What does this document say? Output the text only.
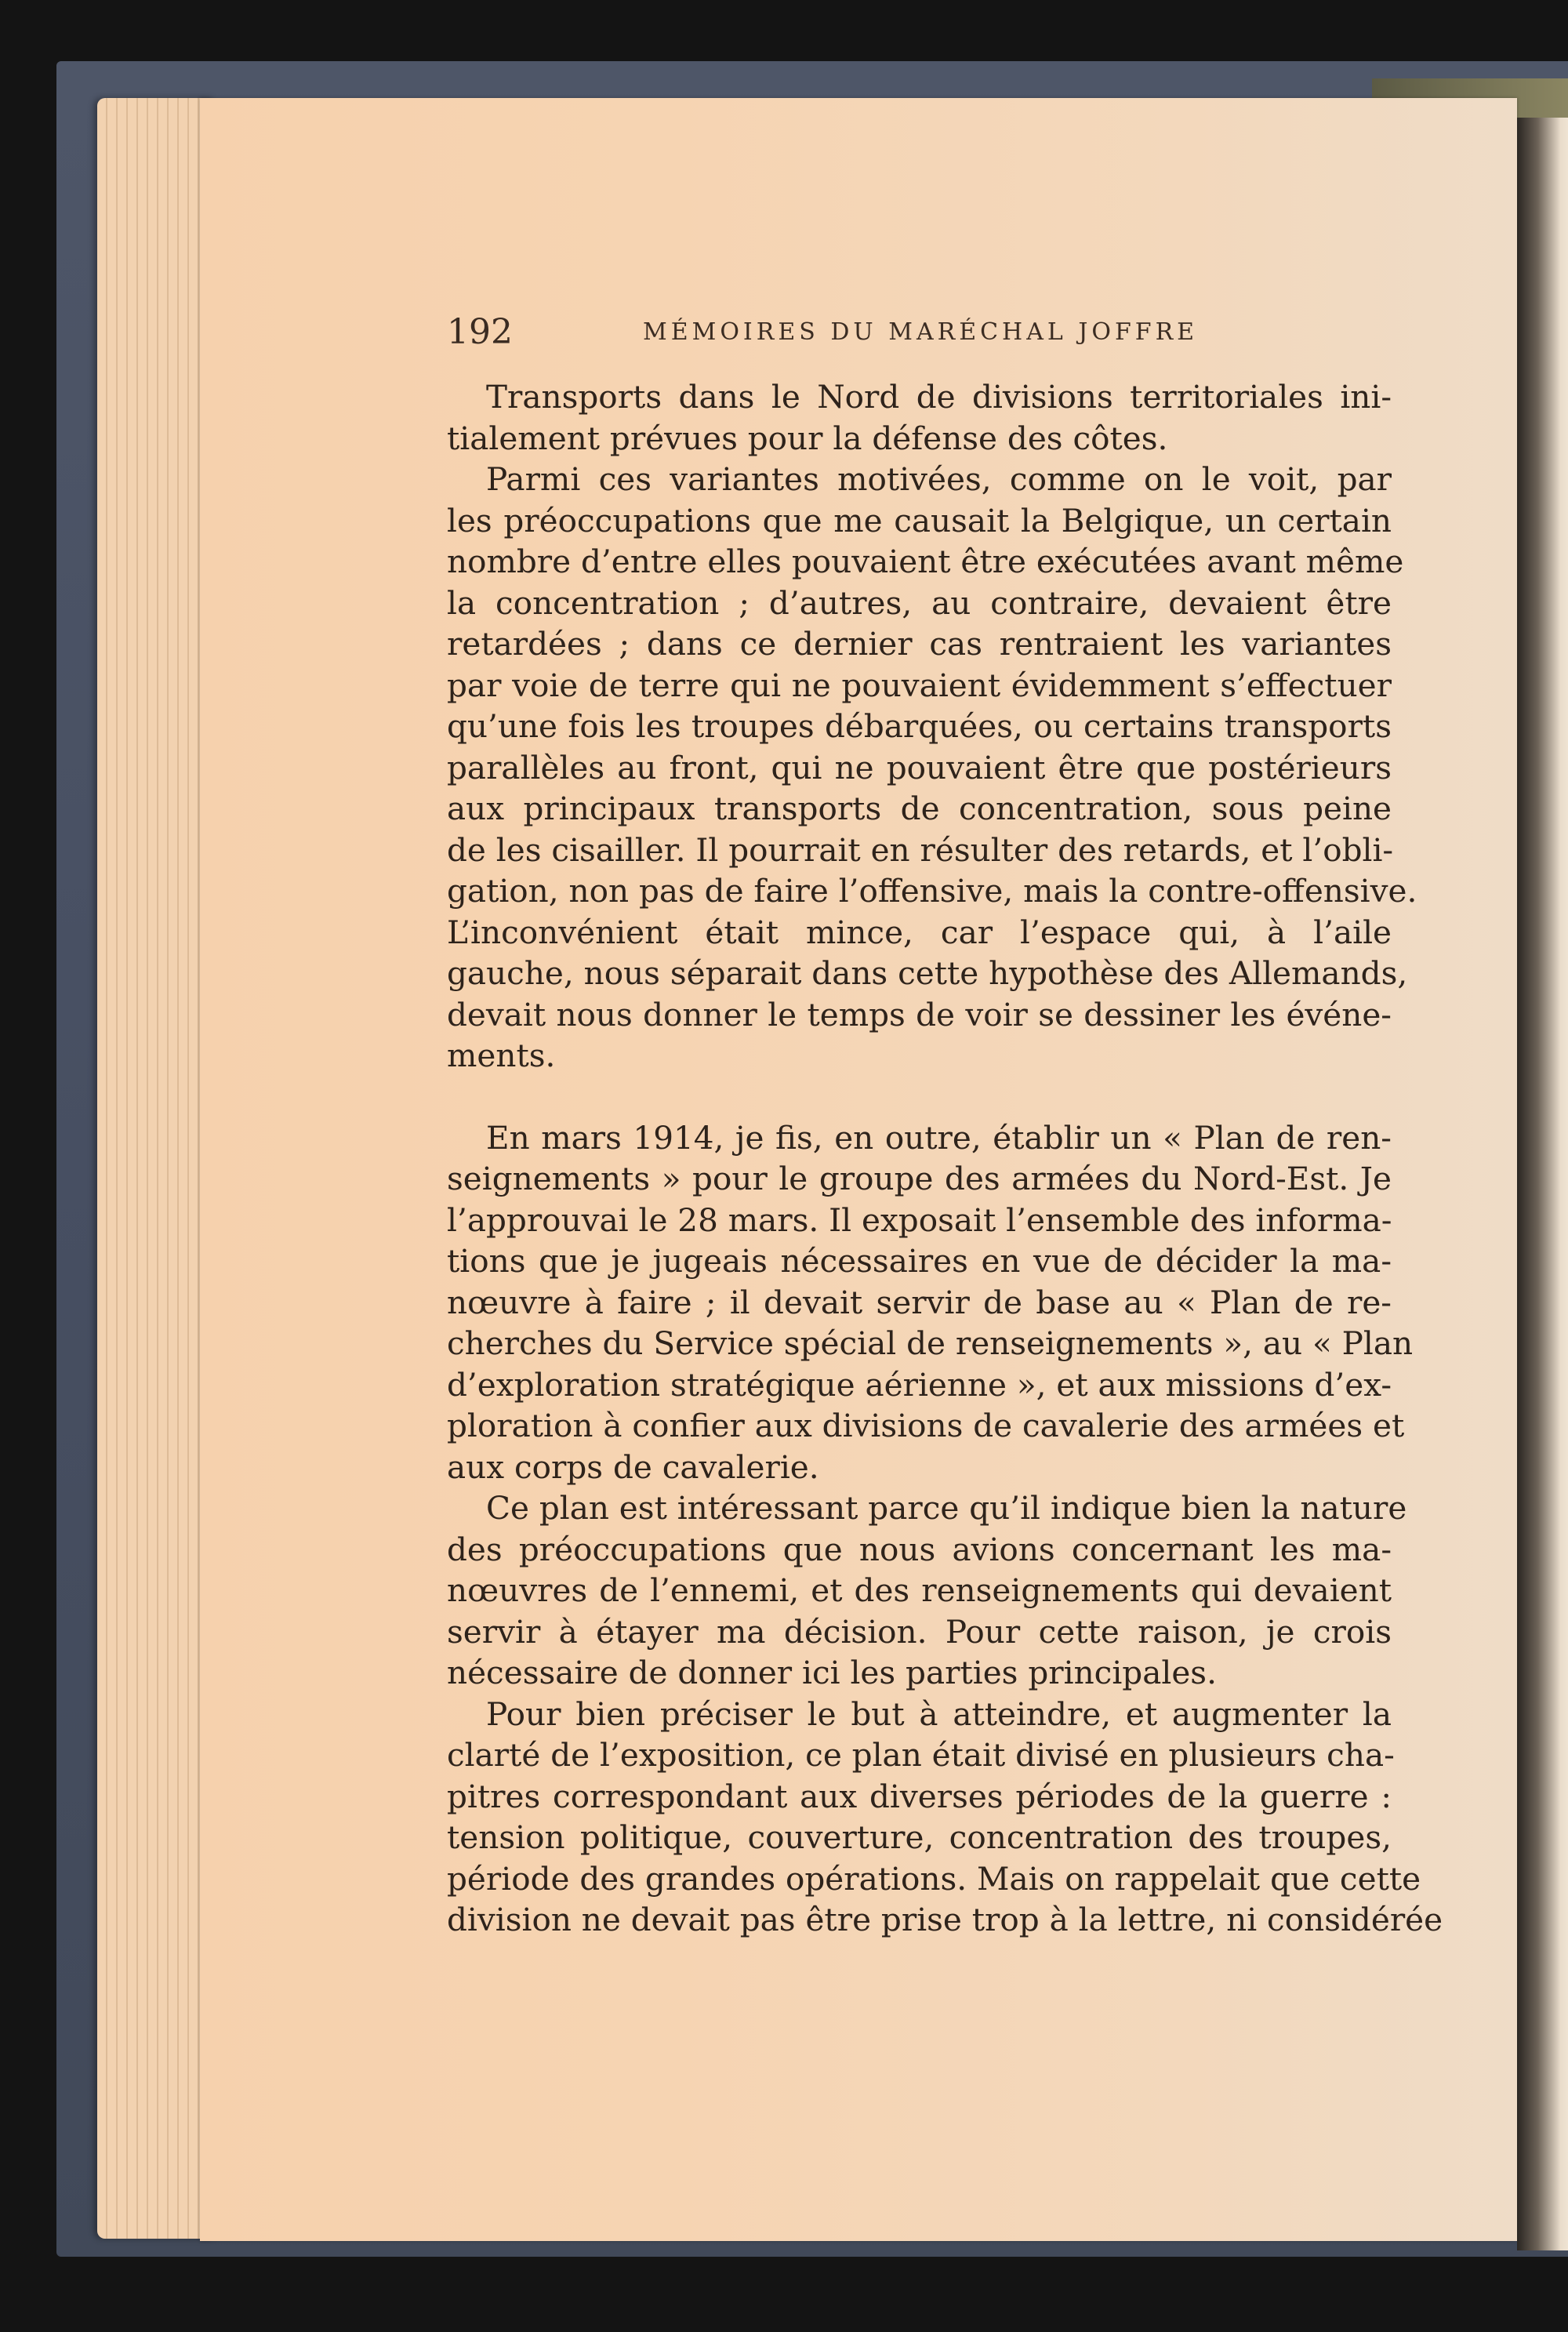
192	MÉMOIRES DU MARÉCHAL JOFFRE
Transports dans le Nord de divisions territoriales ini-
tialement prévues pour la défense des côtes.
Parmi ces variantes motivées, comme on le voit, par
les préoccupations que me causait la Belgique, un certain
nombre d’entre elles pouvaient être exécutées avant même
la concentration ; d’autres, au contraire, devaient être
retardées ; dans ce dernier cas rentraient les variantes
par voie de terre qui ne pouvaient évidemment s’effectuer
qu’une fois les troupes débarquées, ou certains transports
parallèles au front, qui ne pouvaient être que postérieurs
aux principaux transports de concentration, sous peine
de les cisailler. Il pourrait en résulter des retards, et l’obli-
gation, non pas de faire l’offensive, mais la contre-offensive.
L’inconvénient était mince, car l’espace qui, à l’aile
gauche, nous séparait dans cette hypothèse des Allemands,
devait nous donner le temps de voir se dessiner les événe-
ments.
En mars 1914, je fis, en outre, établir un « Plan de ren-
seignements » pour le groupe des armées du Nord-Est. Je
l’approuvai le 28 mars. Il exposait l’ensemble des informa-
tions que je jugeais nécessaires en vue de décider la ma-
nœuvre à faire ; il devait servir de base au « Plan de re-
cherches du Service spécial de renseignements », au « Plan
d’exploration stratégique aérienne », et aux missions d’ex-
ploration à confier aux divisions de cavalerie des armées et
aux corps de cavalerie.
Ce plan est intéressant parce qu’il indique bien la nature
des préoccupations que nous avions concernant les ma-
nœuvres de l’ennemi, et des renseignements qui devaient
servir à étayer ma décision. Pour cette raison, je crois
nécessaire de donner ici les parties principales.
Pour bien préciser le but à atteindre, et augmenter la
clarté de l’exposition, ce plan était divisé en plusieurs cha-
pitres correspondant aux diverses périodes de la guerre :
tension politique, couverture, concentration des troupes,
période des grandes opérations. Mais on rappelait que cette
division ne devait pas être prise trop à la lettre, ni considérée
